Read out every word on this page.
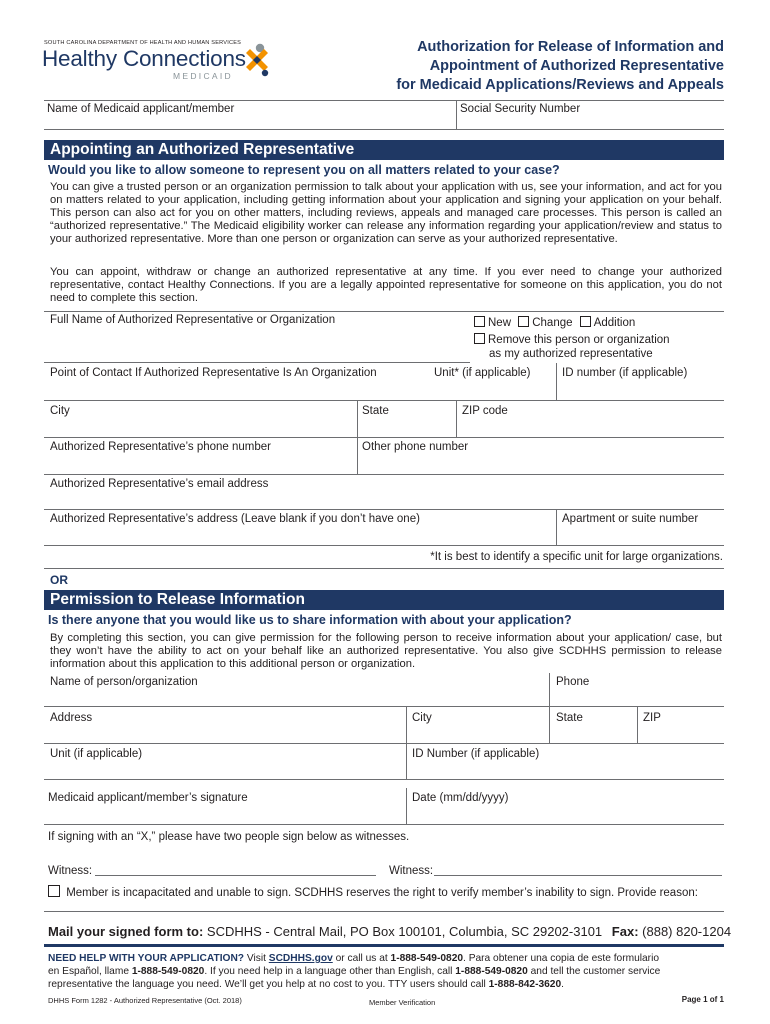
SOUTH CAROLINA DEPARTMENT OF HEALTH AND HUMAN SERVICES
Healthy Connections
MEDICAID
Authorization for Release of Information and
Appointment of Authorized Representative
for Medicaid Applications/Reviews and Appeals
Name of Medicaid applicant/member	Social Security Number
Appointing an Authorized Representative
Would you like to allow someone to represent you on all matters related to your case?
You can give a trusted person or an organization permission to talk about your application with us, see your information, and act for you on matters related to your application, including getting information about your application and signing your application on your behalf. This person can also act for you on other matters, including reviews, appeals and managed care processes. This person is called an “authorized representative.” The Medicaid eligibility worker can release any information regarding your application/review and status to your authorized representative. More than one person or organization can serve as your authorized representative.
You can appoint, withdraw or change an authorized representative at any time. If you ever need to change your authorized representative, contact Healthy Connections. If you are a legally appointed representative for someone on this application, you do not need to complete this section.
Full Name of Authorized Representative or Organization	New Change Addition
Remove this person or organization
as my authorized representative
Point of Contact If Authorized Representative Is An Organization	Unit* (if applicable)	ID number (if applicable)
City	State	ZIP code
Authorized Representative’s phone number	Other phone number
Authorized Representative’s email address
Authorized Representative’s address (Leave blank if you don’t have one)	Apartment or suite number
*It is best to identify a specific unit for large organizations.
OR
Permission to Release Information
Is there anyone that you would like us to share information with about your application?
By completing this section, you can give permission for the following person to receive information about your application/ case, but they won’t have the ability to act on your behalf like an authorized representative. You also give SCDHHS permission to release information about this application to this additional person or organization.
Name of person/organization	Phone
Address	City	State	ZIP
Unit (if applicable)	ID Number (if applicable)
Medicaid applicant/member’s signature	Date (mm/dd/yyyy)
If signing with an “X,” please have two people sign below as witnesses.
Witness:	Witness:
Member is incapacitated and unable to sign. SCDHHS reserves the right to verify member’s inability to sign. Provide reason:
Mail your signed form to: SCDHHS - Central Mail, PO Box 100101, Columbia, SC 29202-3101 Fax: (888) 820-1204
NEED HELP WITH YOUR APPLICATION? Visit SCDHHS.gov or call us at 1-888-549-0820. Para obtener una copia de este formulario
en Español, llame 1-888-549-0820. If you need help in a language other than English, call 1-888-549-0820 and tell the customer service
representative the language you need. We’ll get you help at no cost to you. TTY users should call 1-888-842-3620.
DHHS Form 1282 - Authorized Representative (Oct. 2018)	Member Verification	Page 1 of 1
